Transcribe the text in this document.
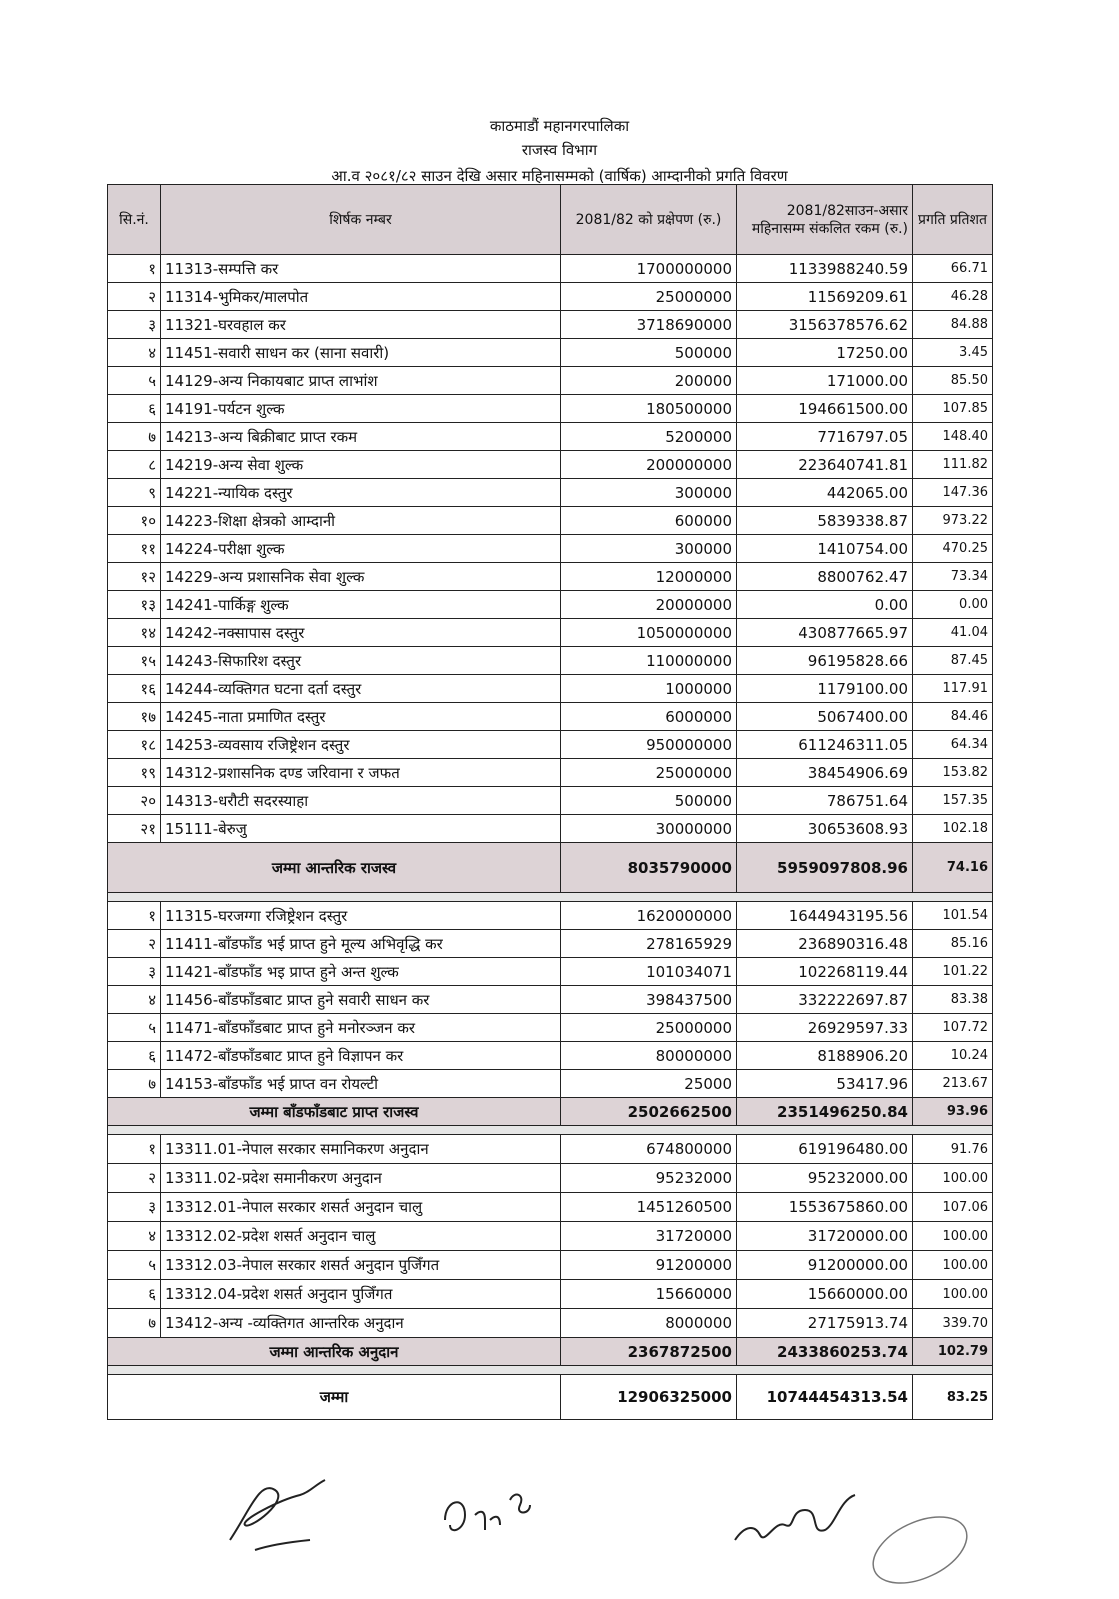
काठमाडौं महानगरपालिका
राजस्व विभाग
आ.व २०८१/८२ साउन देखि असार महिनासम्मको (वार्षिक) आम्दानीको प्रगति विवरण
सि.नं.	शिर्षक नम्बर	2081/82 को प्रक्षेपण (रु.)	2081/82साउन-असार महिनासम्म संकलित रकम (रु.)	प्रगति प्रतिशत
१	11313-सम्पत्ति कर	1700000000	1133988240.59	66.71
२	11314-भुमिकर/मालपोत	25000000	11569209.61	46.28
३	11321-घरवहाल कर	3718690000	3156378576.62	84.88
४	11451-सवारी साधन कर (साना सवारी)	500000	17250.00	3.45
५	14129-अन्य निकायबाट प्राप्त लाभांश	200000	171000.00	85.50
६	14191-पर्यटन शुल्क	180500000	194661500.00	107.85
७	14213-अन्य बिक्रीबाट प्राप्त रकम	5200000	7716797.05	148.40
८	14219-अन्य सेवा शुल्क	200000000	223640741.81	111.82
९	14221-न्यायिक दस्तुर	300000	442065.00	147.36
१०	14223-शिक्षा क्षेत्रको आम्दानी	600000	5839338.87	973.22
११	14224-परीक्षा शुल्क	300000	1410754.00	470.25
१२	14229-अन्य प्रशासनिक सेवा शुल्क	12000000	8800762.47	73.34
१३	14241-पार्किङ्ग शुल्क	20000000	0.00	0.00
१४	14242-नक्सापास दस्तुर	1050000000	430877665.97	41.04
१५	14243-सिफारिश दस्तुर	110000000	96195828.66	87.45
१६	14244-व्यक्तिगत घटना दर्ता दस्तुर	1000000	1179100.00	117.91
१७	14245-नाता प्रमाणित दस्तुर	6000000	5067400.00	84.46
१८	14253-व्यवसाय रजिष्ट्रेशन दस्तुर	950000000	611246311.05	64.34
१९	14312-प्रशासनिक दण्ड जरिवाना र जफत	25000000	38454906.69	153.82
२०	14313-धरौटी सदरस्याहा	500000	786751.64	157.35
२१	15111-बेरुजु	30000000	30653608.93	102.18
जम्मा आन्तरिक राजस्व		8035790000	5959097808.96	74.16

१	11315-घरजग्गा रजिष्ट्रेशन दस्तुर	1620000000	1644943195.56	101.54
२	11411-बाँडफाँड भई प्राप्त हुने मूल्य अभिवृद्धि कर	278165929	236890316.48	85.16
३	11421-बाँडफाँड भइ प्राप्त हुने अन्त शुल्क	101034071	102268119.44	101.22
४	11456-बाँडफाँडबाट प्राप्त हुने सवारी साधन कर	398437500	332222697.87	83.38
५	11471-बाँडफाँडबाट प्राप्त हुने मनोरञ्जन कर	25000000	26929597.33	107.72
६	11472-बाँडफाँडबाट प्राप्त हुने विज्ञापन कर	80000000	8188906.20	10.24
७	14153-बाँडफाँड भई प्राप्त वन रोयल्टी	25000	53417.96	213.67
जम्मा बाँडफाँडबाट प्राप्त राजस्व		2502662500	2351496250.84	93.96

१	13311.01-नेपाल सरकार समानिकरण अनुदान	674800000	619196480.00	91.76
२	13311.02-प्रदेश समानीकरण अनुदान	95232000	95232000.00	100.00
३	13312.01-नेपाल सरकार शसर्त अनुदान चालु	1451260500	1553675860.00	107.06
४	13312.02-प्रदेश शसर्त अनुदान चालु	31720000	31720000.00	100.00
५	13312.03-नेपाल सरकार शसर्त अनुदान पुजिँगत	91200000	91200000.00	100.00
६	13312.04-प्रदेश शसर्त अनुदान पुजिँगत	15660000	15660000.00	100.00
७	13412-अन्य -व्यक्तिगत आन्तरिक अनुदान	8000000	27175913.74	339.70
जम्मा आन्तरिक अनुदान		2367872500	2433860253.74	102.79

जम्मा		12906325000	10744454313.54	83.25
